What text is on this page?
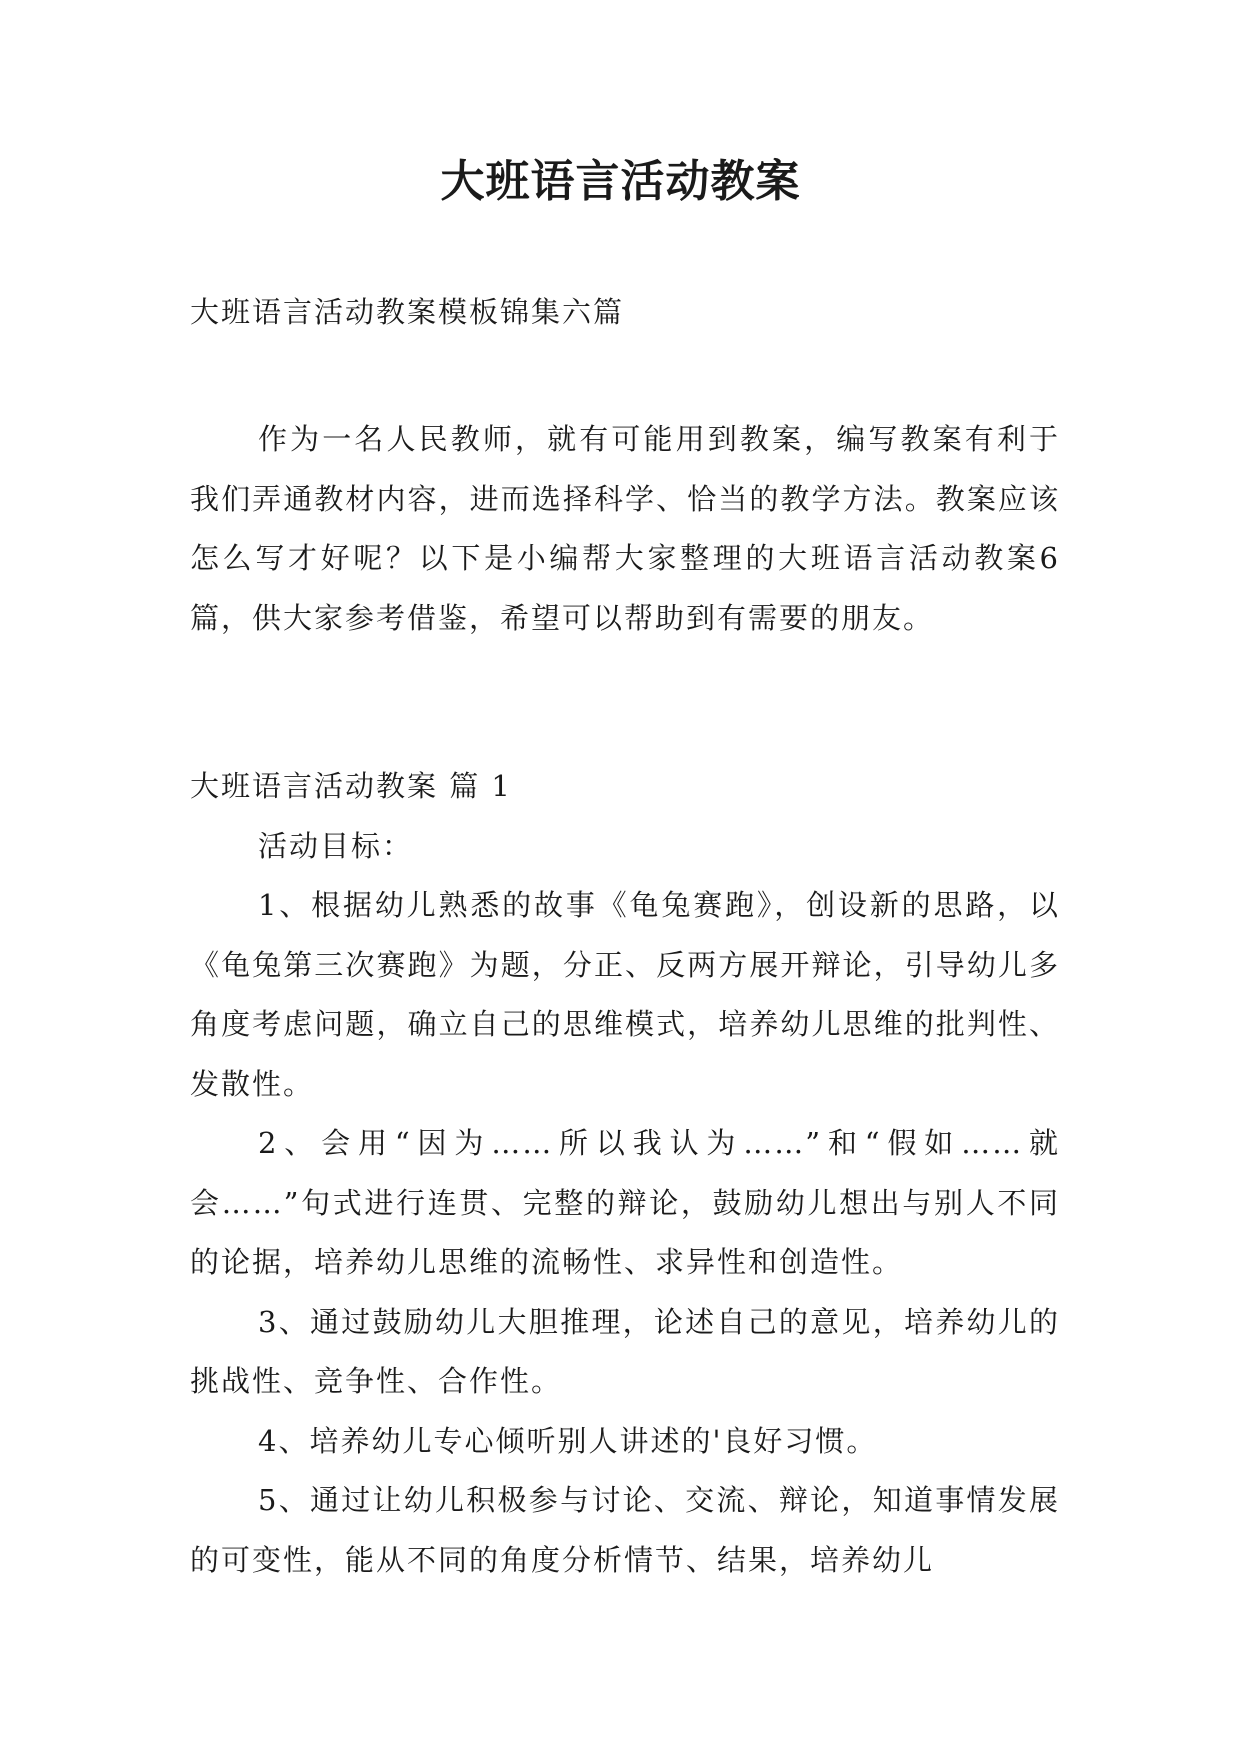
大班语言活动教案
大班语言活动教案模板锦集六篇

作为一名人民教师，就有可能用到教案，编写教案有利于我们弄通教材内容，进而选择科学、恰当的教学方法。教案应该怎么写才好呢？以下是小编帮大家整理的大班语言活动教案6篇，供大家参考借鉴，希望可以帮助到有需要的朋友。

大班语言活动教案 篇 1

活动目标：

1、根据幼儿熟悉的故事《龟兔赛跑》，创设新的思路，以《龟兔第三次赛跑》为题，分正、反两方展开辩论，引导幼儿多角度考虑问题，确立自己的思维模式，培养幼儿思维的批判性、发散性。

2、会用“因为……所以我认为……”和“假如……就会……”句式进行连贯、完整的辩论，鼓励幼儿想出与别人不同的论据，培养幼儿思维的流畅性、求异性和创造性。

3、通过鼓励幼儿大胆推理，论述自己的意见，培养幼儿的挑战性、竞争性、合作性。

4、培养幼儿专心倾听别人讲述的'良好习惯。

5、通过让幼儿积极参与讨论、交流、辩论，知道事情发展的可变性，能从不同的角度分析情节、结果，培养幼儿
